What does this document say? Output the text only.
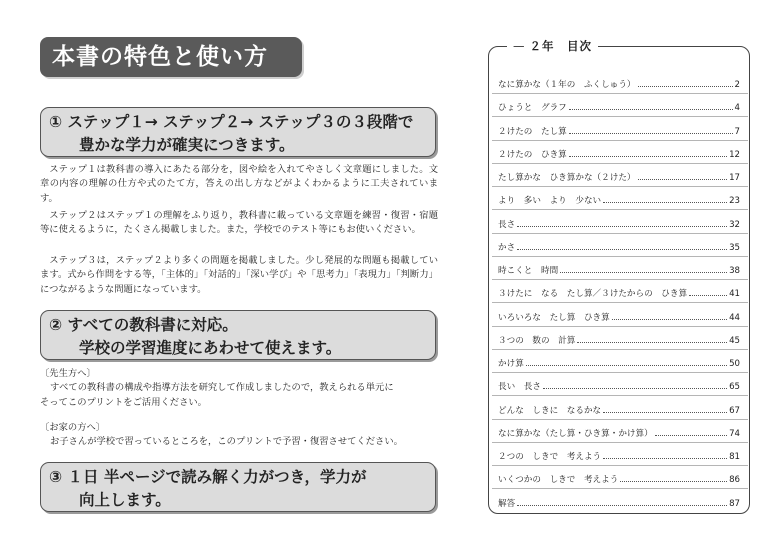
本書の特色と使い方
① ステップ１→ ステップ２→ ステップ３の３段階で
豊かな学力が確実につきます。

ステップ１は教科書の導入にあたる部分を，図や絵を入れてやさしく文章題にしました。文章の内容の理解の仕方や式のたて方，答えの出し方などがよくわかるように工夫されています。

ステップ２はステップ１の理解をふり返り，教科書に載っている文章題を練習・復習・宿題等に使えるように，たくさん掲載しました。また，学校でのテスト等にもお使いください。

ステップ３は，ステップ２より多くの問題を掲載しました。少し発展的な問題も掲載しています。式から作問をする等，「主体的」「対話的」「深い学び」や「思考力」「表現力」「判断力」につながるような問題になっています。

② すべての教科書に対応。
学校の学習進度にあわせて使えます。
〔先生方へ〕
すべての教科書の構成や指導方法を研究して作成しましたので，教えられる単元に
そってこのプリントをご活用ください。
〔お家の方へ〕
お子さんが学校で習っているところを，このプリントで予習・復習させてください。
③ １日 半ページで読み解く力がつき，学力が
向上します。
— ２年　目次
なに算かな（１年の　ふくしゅう）	2
ひょうと　グラフ	4
２けたの　たし算	7
２けたの　ひき算	12
たし算かな　ひき算かな（２けた）	17
より　多い　より　少ない	23
長さ	32
かさ	35
時こくと　時間	38
３けたに　なる　たし算／３けたからの　ひき算	41
いろいろな　たし算　ひき算	44
３つの　数の　計算	45
かけ算	50
長い　長さ	65
どんな　しきに　なるかな	67
なに算かな（たし算・ひき算・かけ算）	74
２つの　しきで　考えよう	81
いくつかの　しきで　考えよう	86
解答	87
